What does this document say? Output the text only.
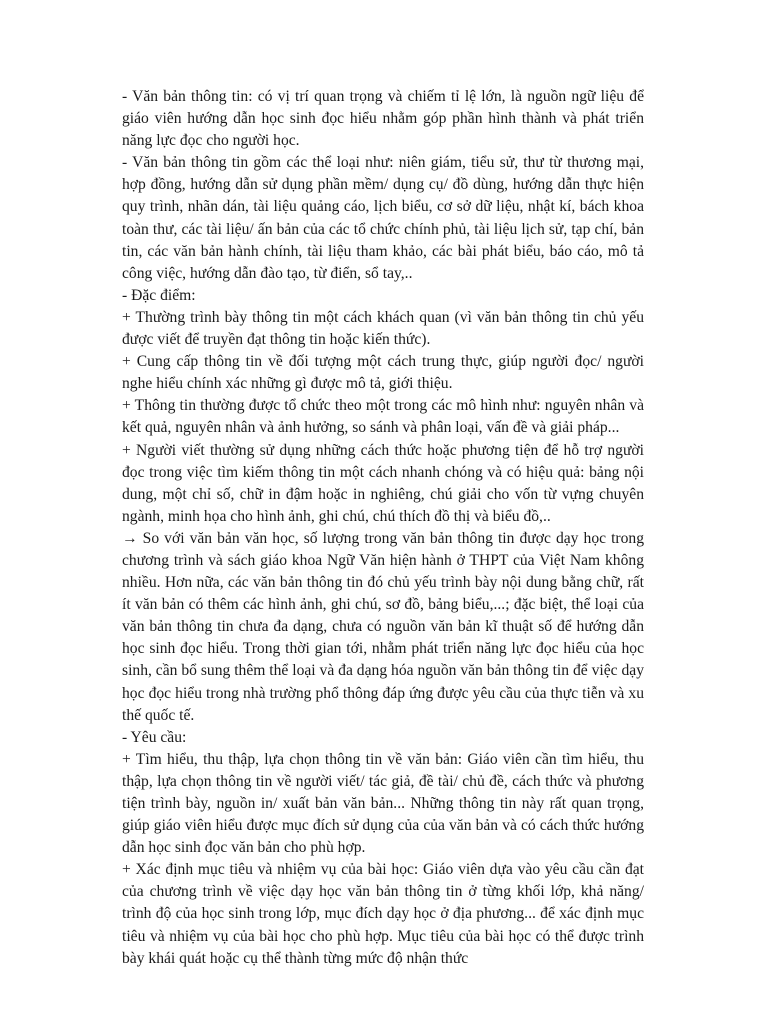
- Văn bản thông tin: có vị trí quan trọng và chiếm tỉ lệ lớn, là nguồn ngữ liệu để giáo viên hướng dẫn học sinh đọc hiểu nhằm góp phần hình thành và phát triển năng lực đọc cho người học.

- Văn bản thông tin gồm các thể loại như: niên giám, tiểu sử, thư từ thương mại, hợp đồng, hướng dẫn sử dụng phần mềm/ dụng cụ/ đồ dùng, hướng dẫn thực hiện quy trình, nhãn dán, tài liệu quảng cáo, lịch biểu, cơ sở dữ liệu, nhật kí, bách khoa toàn thư, các tài liệu/ ấn bản của các tổ chức chính phủ, tài liệu lịch sử, tạp chí, bản tin, các văn bản hành chính, tài liệu tham khảo, các bài phát biểu, báo cáo, mô tả công việc, hướng dẫn đào tạo, từ điển, sổ tay,..

- Đặc điểm:

+ Thường trình bày thông tin một cách khách quan (vì văn bản thông tin chủ yếu được viết để truyền đạt thông tin hoặc kiến thức).

+ Cung cấp thông tin về đối tượng một cách trung thực, giúp người đọc/ người nghe hiểu chính xác những gì được mô tả, giới thiệu.

+ Thông tin thường được tổ chức theo một trong các mô hình như: nguyên nhân và kết quả, nguyên nhân và ảnh hưởng, so sánh và phân loại, vấn đề và giải pháp...

+ Người viết thường sử dụng những cách thức hoặc phương tiện để hỗ trợ người đọc trong việc tìm kiếm thông tin một cách nhanh chóng và có hiệu quả: bảng nội dung, một chỉ số, chữ in đậm hoặc in nghiêng, chú giải cho vốn từ vựng chuyên ngành, minh họa cho hình ảnh, ghi chú, chú thích đồ thị và biểu đồ,..

→ So với văn bản văn học, số lượng trong văn bản thông tin được dạy học trong chương trình và sách giáo khoa Ngữ Văn hiện hành ở THPT của Việt Nam không nhiều. Hơn nữa, các văn bản thông tin đó chủ yếu trình bày nội dung bằng chữ, rất ít văn bản có thêm các hình ảnh, ghi chú, sơ đồ, bảng biểu,...; đặc biệt, thể loại của văn bản thông tin chưa đa dạng, chưa có nguồn văn bản kĩ thuật số để hướng dẫn học sinh đọc hiểu. Trong thời gian tới, nhằm phát triển năng lực đọc hiểu của học sinh, cần bổ sung thêm thể loại và đa dạng hóa nguồn văn bản thông tin để việc dạy học đọc hiểu trong nhà trường phổ thông đáp ứng được yêu cầu của thực tiễn và xu thế quốc tế.

- Yêu cầu:

+ Tìm hiểu, thu thập, lựa chọn thông tin về văn bản: Giáo viên cần tìm hiểu, thu thập, lựa chọn thông tin về người viết/ tác giả, đề tài/ chủ đề, cách thức và phương tiện trình bày, nguồn in/ xuất bản văn bản... Những thông tin này rất quan trọng, giúp giáo viên hiểu được mục đích sử dụng của của văn bản và có cách thức hướng dẫn học sinh đọc văn bản cho phù hợp.

+ Xác định mục tiêu và nhiệm vụ của bài học: Giáo viên dựa vào yêu cầu cần đạt của chương trình về việc dạy học văn bản thông tin ở từng khối lớp, khả năng/ trình độ của học sinh trong lớp, mục đích dạy học ở địa phương... để xác định mục tiêu và nhiệm vụ của bài học cho phù hợp. Mục tiêu của bài học có thể được trình bày khái quát hoặc cụ thể thành từng mức độ nhận thức
